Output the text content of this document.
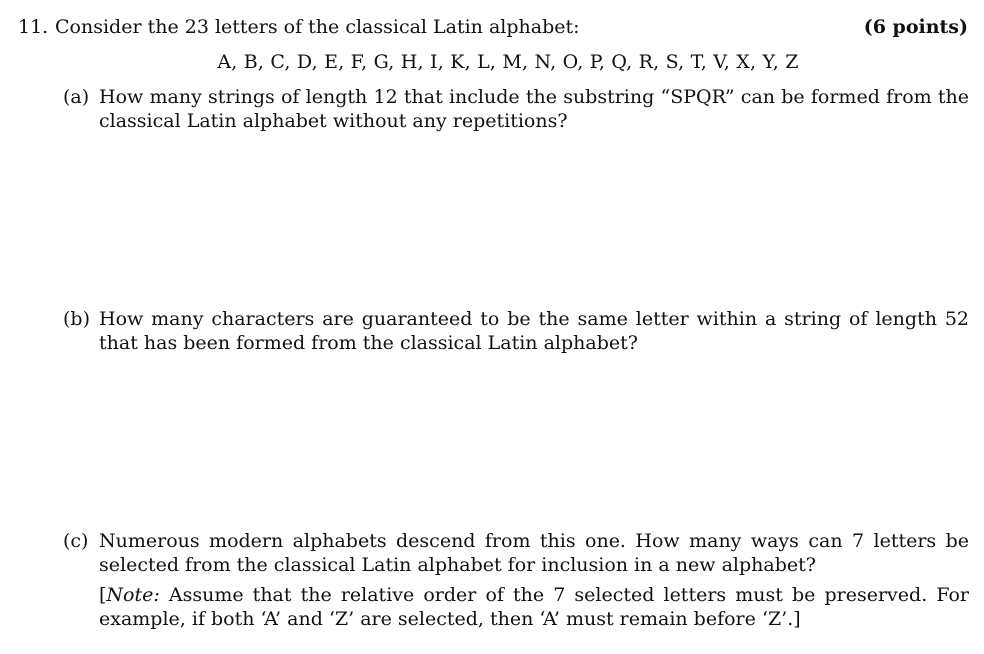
11. Consider the 23 letters of the classical Latin alphabet:	(6 points)
A, B, C, D, E, F, G, H, I, K, L, M, N, O, P, Q, R, S, T, V, X, Y, Z
(a) How many strings of length 12 that include the substring “SPQR” can be formed from the classical Latin alphabet without any repetitions?
(b) How many characters are guaranteed to be the same letter within a string of length 52 that has been formed from the classical Latin alphabet?
(c) Numerous modern alphabets descend from this one. How many ways can 7 letters be selected from the classical Latin alphabet for inclusion in a new alphabet?
[Note: Assume that the relative order of the 7 selected letters must be preserved. For example, if both ‘A’ and ‘Z’ are selected, then ‘A’ must remain before ‘Z’.]
